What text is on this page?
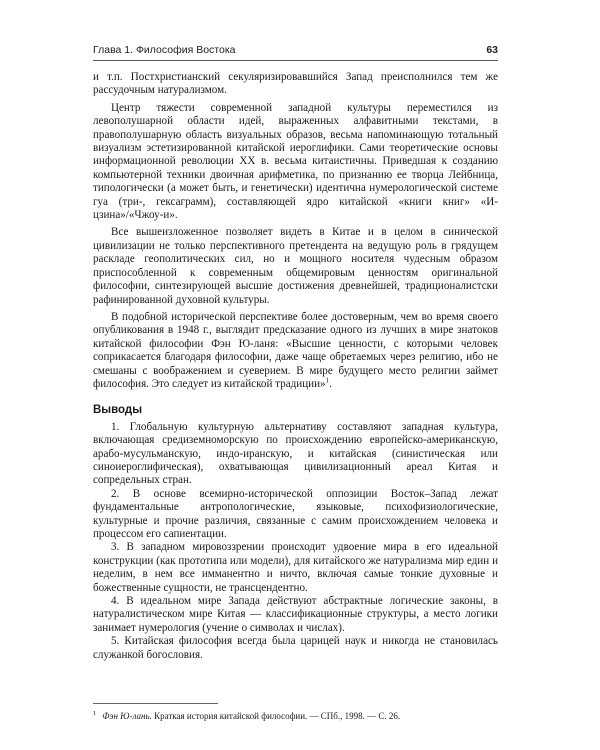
Глава 1. Философия Востока	63

и т.п. Постхристианский секуляризировавшийся Запад преисполнился тем же рассудочным натурализмом.

Центр тяжести современной западной культуры переместился из левополушарной области идей, выраженных алфавитными текстами, в правополушарную область визуальных образов, весьма напоминающую тотальный визуализм эстетизированной китайской иероглифики. Сами теоретические основы информационной революции XX в. весьма китаистичны. Приведшая к созданию компьютерной техники двоичная арифметика, по признанию ее творца Лейбница, типологически (а может быть, и генетически) идентична нумерологической системе гуа (три-, гексаграмм), составляющей ядро китайской «книги книг» «И-цзина»/«Чжоу-и».

Все вышеизложенное позволяет видеть в Китае и в целом в синической цивилизации не только перспективного претендента на ведущую роль в грядущем раскладе геополитических сил, но и мощного носителя чудесным образом приспособленной к современным общемировым ценностям оригинальной философии, синтезирующей высшие достижения древнейшей, традиционалистски рафинированной духовной культуры.

В подобной исторической перспективе более достоверным, чем во время своего опубликования в 1948 г., выглядит предсказание одного из лучших в мире знатоков китайской философии Фэн Ю-ланя: «Высшие ценности, с которыми человек соприкасается благодаря философии, даже чаще обретаемых через религию, ибо не смешаны с воображением и суеверием. В мире будущего место религии займет философия. Это следует из китайской традиции»$^1$.

Выводы

1. Глобальную культурную альтернативу составляют западная культура, включающая средиземноморскую по происхождению европейско-американскую, арабо-мусульманскую, индо-иранскую, и китайская (синистическая или синоиероглифическая), охватывающая цивилизационный ареал Китая и сопредельных стран.

2. В основе всемирно-исторической оппозиции Восток–Запад лежат фундаментальные антропологические, языковые, психофизиологические, культурные и прочие различия, связанные с самим происхождением человека и процессом его сапиентации.

3. В западном мировоззрении происходит удвоение мира в его идеальной конструкции (как прототипа или модели), для китайского же натурализма мир един и неделим, в нем все имманентно и ничто, включая самые тонкие духовные и божественные сущности, не трансцендентно.

4. В идеальном мире Запада действуют абстрактные логические законы, в натуралистическом мире Китая — классификационные структуры, а место логики занимает нумерология (учение о символах и числах).

5. Китайская философия всегда была царицей наук и никогда не становилась служанкой богословия.

$^1$ Фэн Ю-лань. Краткая история китайской философии. — СПб., 1998. — С. 26.
